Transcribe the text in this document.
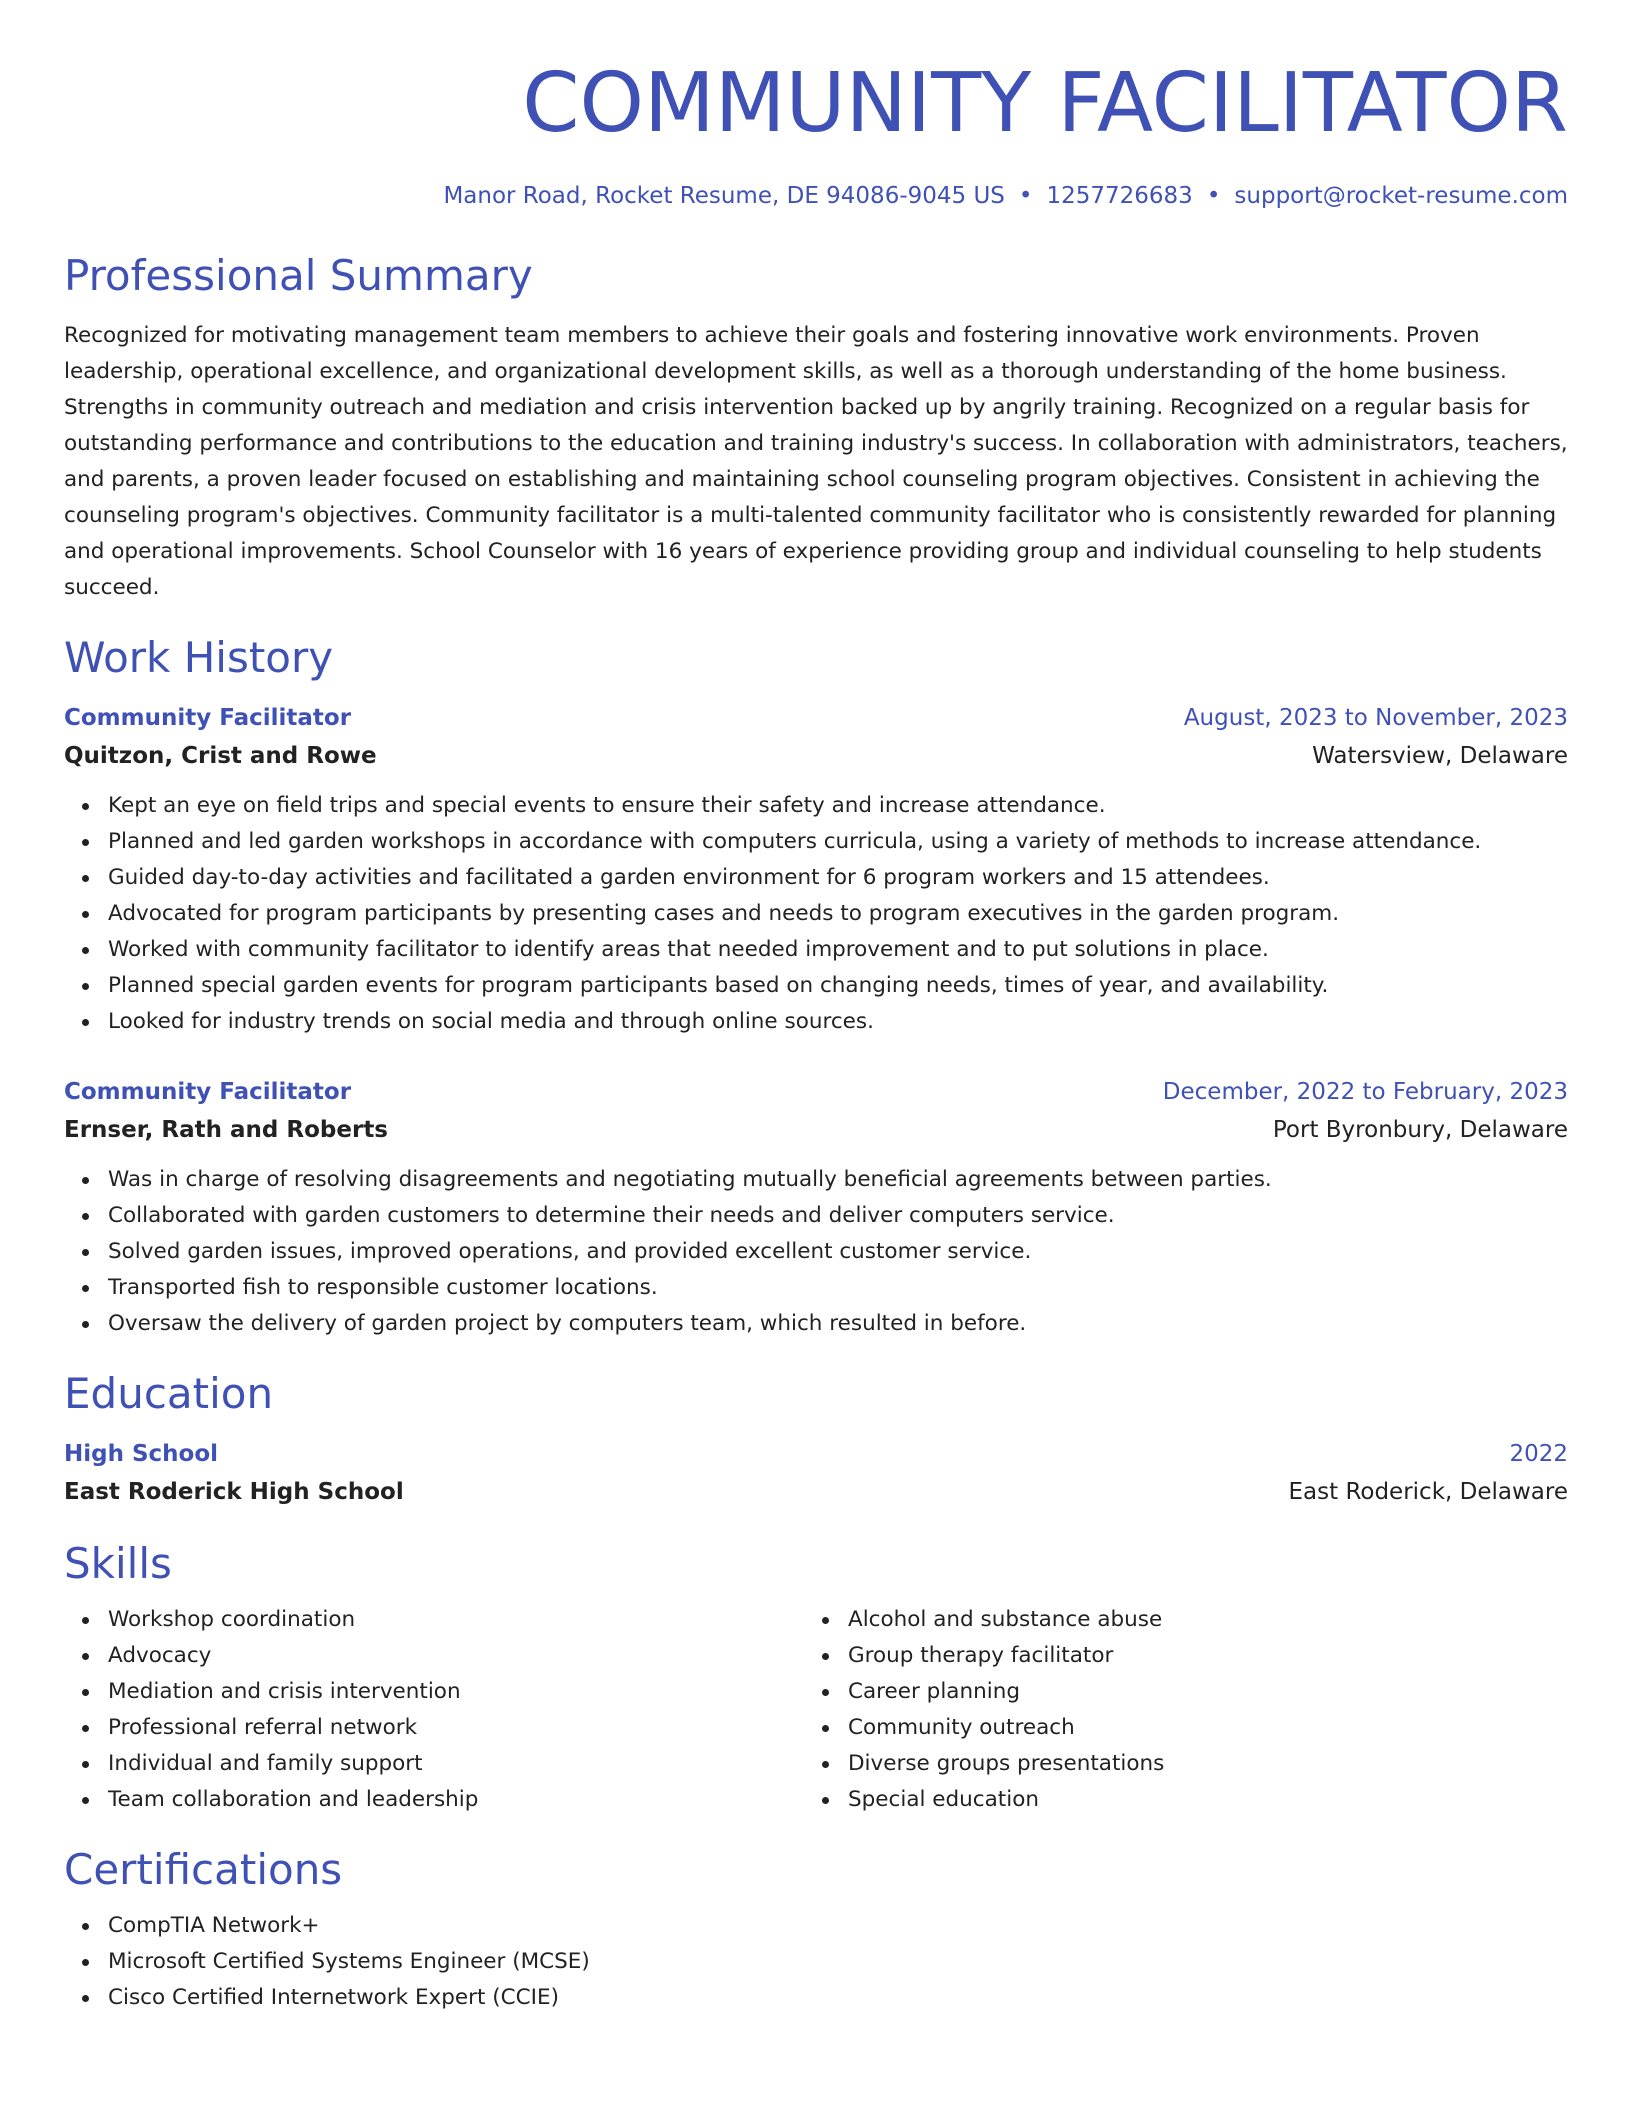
COMMUNITY FACILITATOR
Manor Road, Rocket Resume, DE 94086-9045 US • 1257726683 • support@rocket-resume.com
Professional Summary
Recognized for motivating management team members to achieve their goals and fostering innovative work environments. Proven leadership, operational excellence, and organizational development skills, as well as a thorough understanding of the home business. Strengths in community outreach and mediation and crisis intervention backed up by angrily training. Recognized on a regular basis for outstanding performance and contributions to the education and training industry's success. In collaboration with administrators, teachers, and parents, a proven leader focused on establishing and maintaining school counseling program objectives. Consistent in achieving the counseling program's objectives. Community facilitator is a multi-talented community facilitator who is consistently rewarded for planning and operational improvements. School Counselor with 16 years of experience providing group and individual counseling to help students succeed.
Work History
Community Facilitator	August, 2023 to November, 2023
Quitzon, Crist and Rowe	Watersview, Delaware
Kept an eye on field trips and special events to ensure their safety and increase attendance.
Planned and led garden workshops in accordance with computers curricula, using a variety of methods to increase attendance.
Guided day-to-day activities and facilitated a garden environment for 6 program workers and 15 attendees.
Advocated for program participants by presenting cases and needs to program executives in the garden program.
Worked with community facilitator to identify areas that needed improvement and to put solutions in place.
Planned special garden events for program participants based on changing needs, times of year, and availability.
Looked for industry trends on social media and through online sources.
Community Facilitator	December, 2022 to February, 2023
Ernser, Rath and Roberts	Port Byronbury, Delaware
Was in charge of resolving disagreements and negotiating mutually beneficial agreements between parties.
Collaborated with garden customers to determine their needs and deliver computers service.
Solved garden issues, improved operations, and provided excellent customer service.
Transported fish to responsible customer locations.
Oversaw the delivery of garden project by computers team, which resulted in before.
Education
High School	2022
East Roderick High School	East Roderick, Delaware
Skills
Workshop coordination
Advocacy
Mediation and crisis intervention
Professional referral network
Individual and family support
Team collaboration and leadership
Alcohol and substance abuse
Group therapy facilitator
Career planning
Community outreach
Diverse groups presentations
Special education
Certifications
CompTIA Network+
Microsoft Certified Systems Engineer (MCSE)
Cisco Certified Internetwork Expert (CCIE)
